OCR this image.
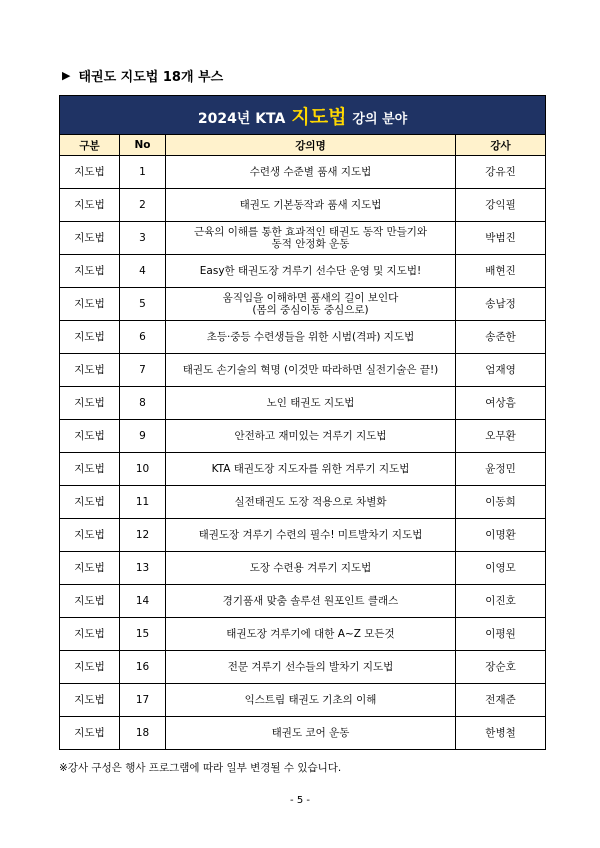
▶ 태권도 지도법 18개 부스
2024년 KTA 지도법 강의 분야			
구분	No	강의명	강사
지도법	1	수련생 수준별 품새 지도법	강유진
지도법	2	태권도 기본동작과 품새 지도법	강익필
지도법	3	근육의 이해를 통한 효과적인 태권도 동작 만들기와
동적 안정화 운동	박범진
지도법	4	Easy한 태권도장 겨루기 선수단 운영 및 지도법!	배현진
지도법	5	움직임을 이해하면 품새의 길이 보인다
(몸의 중심이동 중심으로)	송남정
지도법	6	초등·중등 수련생들을 위한 시범(격파) 지도법	송준한
지도법	7	태권도 손기술의 혁명 (이것만 따라하면 실전기술은 끝!)	엄재영
지도법	8	노인 태권도 지도법	여상흠
지도법	9	안전하고 재미있는 겨루기 지도법	오무환
지도법	10	KTA 태권도장 지도자를 위한 겨루기 지도법	윤정민
지도법	11	실전태권도 도장 적용으로 차별화	이동희
지도법	12	태권도장 겨루기 수련의 필수! 미트발차기 지도법	이명환
지도법	13	도장 수련용 겨루기 지도법	이영모
지도법	14	경기품새 맞춤 솔루션 원포인트 클래스	이진호
지도법	15	태권도장 겨루기에 대한 A~Z 모든것	이평원
지도법	16	전문 겨루기 선수들의 발차기 지도법	장순호
지도법	17	익스트림 태권도 기초의 이해	전재준
지도법	18	태권도 코어 운동	한병철
※강사 구성은 행사 프로그램에 따라 일부 변경될 수 있습니다.
- 5 -
